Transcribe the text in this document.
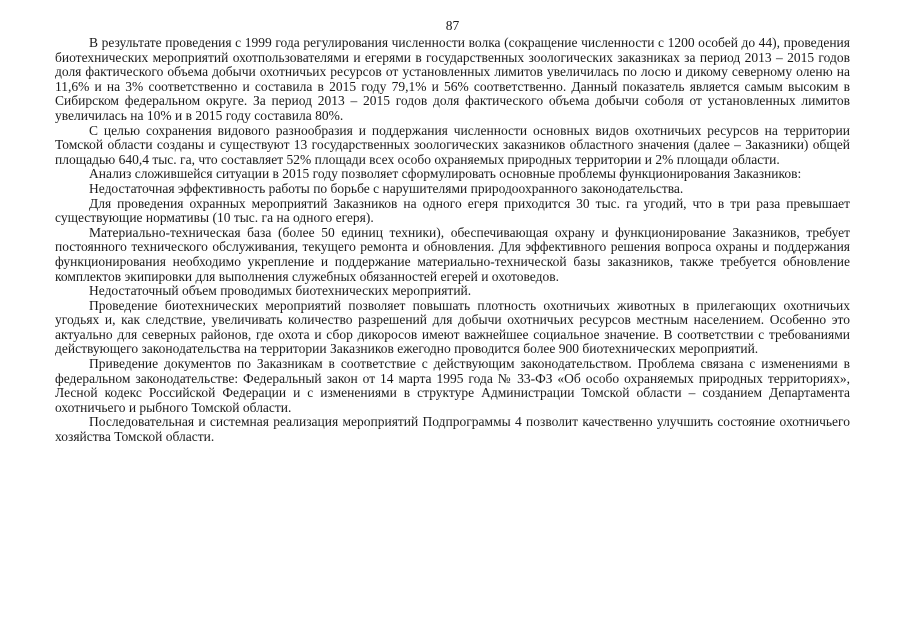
87

В результате проведения с 1999 года регулирования численности волка (сокращение численности с 1200 особей до 44), проведения биотехнических мероприятий охотпользователями и егерями в государственных зоологических заказниках за период 2013 – 2015 годов доля фактического объема добычи охотничьих ресурсов от установленных лимитов увеличилась по лосю и дикому северному оленю на 11,6% и на 3% соответственно и составила в 2015 году 79,1% и 56% соответственно. Данный показатель является самым высоким в Сибирском федеральном округе. За период 2013 – 2015 годов доля фактического объема добычи соболя от установленных лимитов увеличилась на 10% и в 2015 году составила 80%.

С целью сохранения видового разнообразия и поддержания численности основных видов охотничьих ресурсов на территории Томской области созданы и существуют 13 государственных зоологических заказников областного значения (далее – Заказники) общей площадью 640,4 тыс. га, что составляет 52% площади всех особо охраняемых природных территории и 2% площади области.

Анализ сложившейся ситуации в 2015 году позволяет сформулировать основные проблемы функционирования Заказников:

Недостаточная эффективность работы по борьбе с нарушителями природоохранного законодательства.

Для проведения охранных мероприятий Заказников на одного егеря приходится 30 тыс. га угодий, что в три раза превышает существующие нормативы (10 тыс. га на одного егеря).

Материально-техническая база (более 50 единиц техники), обеспечивающая охрану и функционирование Заказников, требует постоянного технического обслуживания, текущего ремонта и обновления. Для эффективного решения вопроса охраны и поддержания функционирования необходимо укрепление и поддержание материально-технической базы заказников, также требуется обновление комплектов экипировки для выполнения служебных обязанностей егерей и охотоведов.

Недостаточный объем проводимых биотехнических мероприятий.

Проведение биотехнических мероприятий позволяет повышать плотность охотничьих животных в прилегающих охотничьих угодьях и, как следствие, увеличивать количество разрешений для добычи охотничьих ресурсов местным населением. Особенно это актуально для северных районов, где охота и сбор дикоросов имеют важнейшее социальное значение. В соответствии с требованиями действующего законодательства на территории Заказников ежегодно проводится более 900 биотехнических мероприятий.

Приведение документов по Заказникам в соответствие с действующим законодательством. Проблема связана с изменениями в федеральном законодательстве: Федеральный закон от 14 марта 1995 года № 33-ФЗ «Об особо охраняемых природных территориях», Лесной кодекс Российской Федерации и с изменениями в структуре Администрации Томской области – созданием Департамента охотничьего и рыбного Томской области.

Последовательная и системная реализация мероприятий Подпрограммы 4 позволит качественно улучшить состояние охотничьего хозяйства Томской области.
